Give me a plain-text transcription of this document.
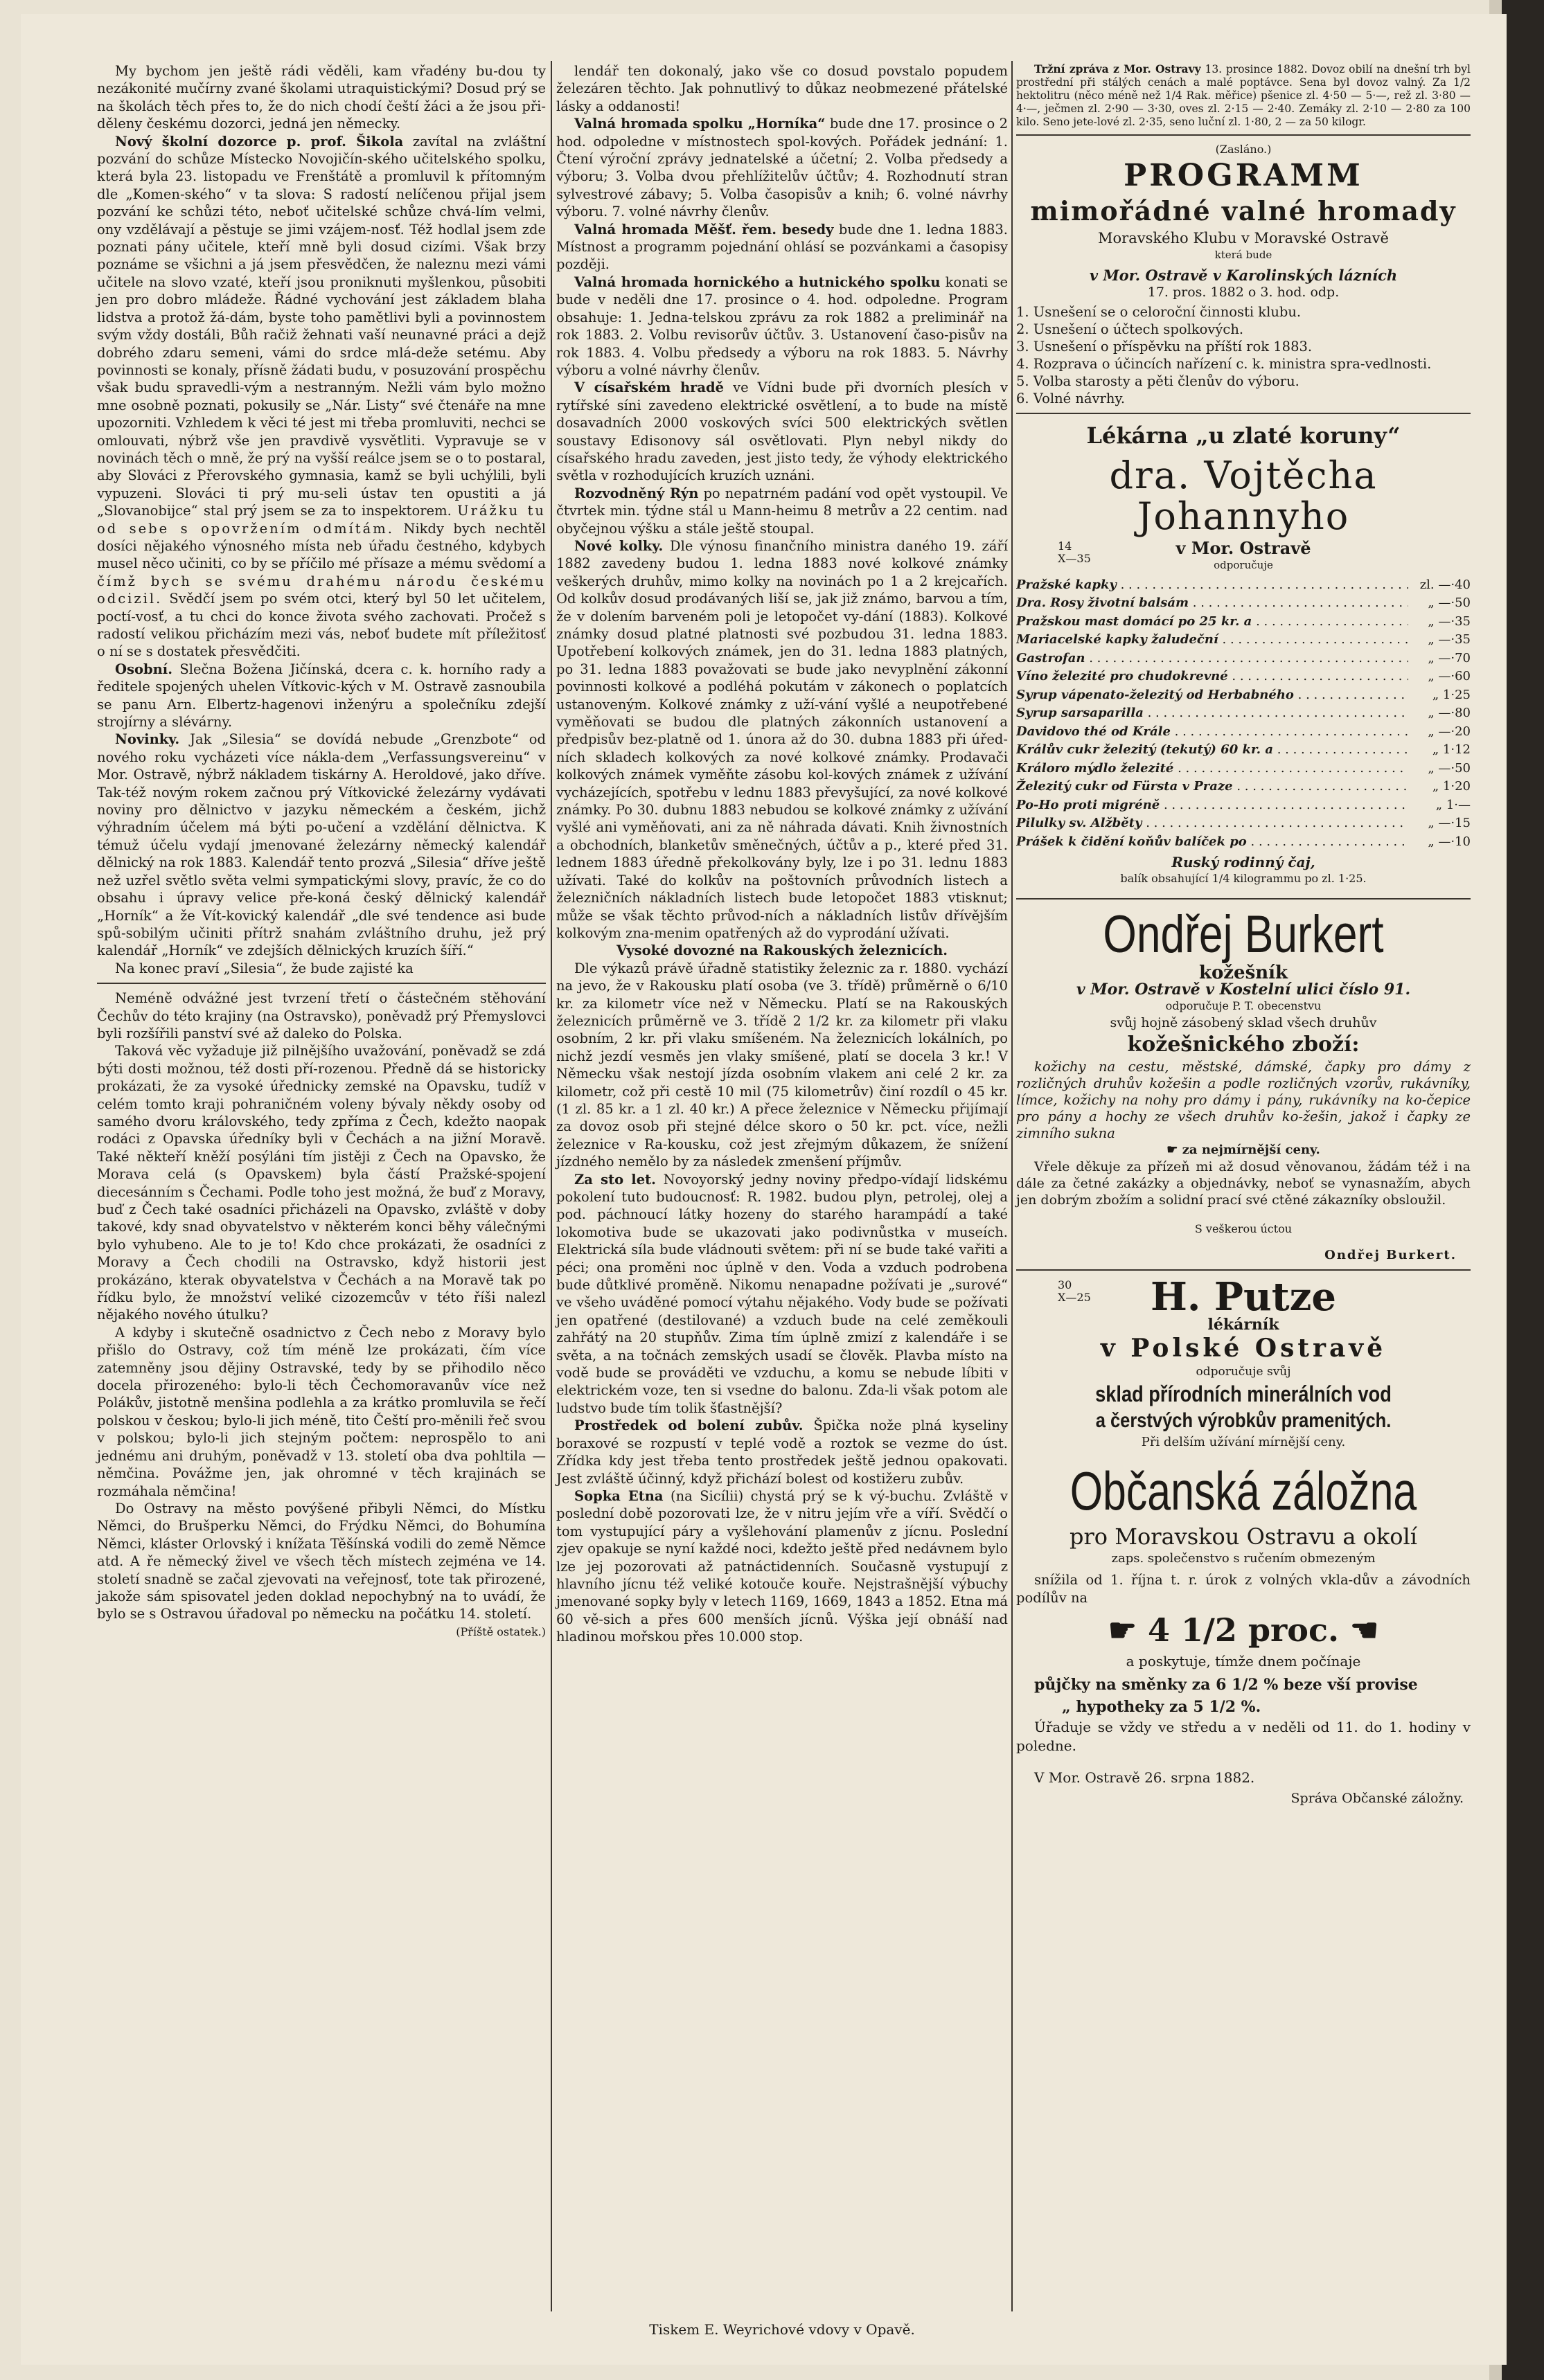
My bychom jen ještě rádi věděli, kam vřadény bu-dou ty nezákonité mučírny zvané školami utraquistickými? Dosud prý se na školách těch přes to, že do nich chodí čeští žáci a že jsou při-děleny českému dozorci, jedná jen německy.

Nový školní dozorce p. prof. Šikola zavítal na zvláštní pozvání do schůze Místecko Novojičín-ského učitelského spolku, která byla 23. listopadu ve Frenštátě a promluvil k přítomným dle „Komen-ského“ v ta slova: S radostí nelíčenou přijal jsem pozvání ke schůzi této, neboť učitelské schůze chvá-lím velmi, ony vzdělávají a pěstuje se jimi vzájem-nosť. Též hodlal jsem zde poznati pány učitele, kteří mně byli dosud cizími. Však brzy poznáme se všichni a já jsem přesvědčen, že naleznu mezi vámi učitele na slovo vzaté, kteří jsou proniknuti myšlenkou, působiti jen pro dobro mládeže. Řádné vychování jest základem blaha lidstva a protož žá-dám, byste toho pamětlivi byli a povinnostem svým vždy dostáli, Bůh račiž žehnati vaší neunavné práci a dejž dobrého zdaru semeni, vámi do srdce mlá-deže setému. Aby povinnosti se konaly, přísně žádati budu, v posuzování prospěchu však budu spravedli-vým a nestranným. Nežli vám bylo možno mne osobně poznati, pokusily se „Nár. Listy“ své čtenáře na mne upozorniti. Vzhledem k věci té jest mi třeba promluviti, nechci se omlouvati, nýbrž vše jen pravdivě vysvětliti. Vypravuje se v novinách těch o mně, že prý na vyšší reálce jsem se o to postaral, aby Slováci z Přerovského gymnasia, kamž se byli uchýlili, byli vypuzeni. Slováci ti prý mu-seli ústav ten opustiti a já „Slovanobijce“ stal prý jsem se za to inspektorem. Urážku tu od sebe s opovržením odmítám. Nikdy bych nechtěl dosíci nějakého výnosného místa neb úřadu čestného, kdybych musel něco učiniti, co by se příčilo mé přísaze a mému svědomí a čímž bych se svému drahému národu českému odcizil. Svědčí jsem po svém otci, který byl 50 let učitelem, poctí-vosť, a tu chci do konce života svého zachovati. Pročež s radostí velikou přicházím mezi vás, neboť budete mít příležitosť o ní se s dostatek přesvědčiti.

Osobní. Slečna Božena Jičínská, dcera c. k. horního rady a ředitele spojených uhelen Vítkovic-kých v M. Ostravě zasnoubila se panu Arn. Elbertz-hagenovi inženýru a společníku zdejší strojírny a slévárny.

Novinky. Jak „Silesia“ se dovídá nebude „Grenzbote“ od nového roku vycházeti více nákla-dem „Verfassungsvereinu“ v Mor. Ostravě, nýbrž nákladem tiskárny A. Heroldové, jako dříve. Tak-též novým rokem začnou prý Vítkovické železárny vydávati noviny pro dělnictvo v jazyku německém a českém, jichž výhradním účelem má býti po-učení a vzdělání dělnictva. K témuž účelu vydají jmenované železárny německý kalendář dělnický na rok 1883. Kalendář tento prozvá „Silesia“ dříve ještě než uzřel světlo světa velmi sympatickými slovy, pravíc, že co do obsahu i úpravy velice pře-koná český dělnický kalendář „Horník“ a že Vít-kovický kalendář „dle své tendence asi bude spů-sobilým učiniti přítrž snahám zvláštního druhu, jež prý kalendář „Horník“ ve zdejších dělnických kruzích šíří.“

Na konec praví „Silesia“, že bude zajisté ka

Neméně odvážné jest tvrzení třetí o částečném stěhování Čechův do této krajiny (na Ostravsko), poněvadž prý Přemyslovci byli rozšířili panství své až daleko do Polska.

Taková věc vyžaduje již pilnějšího uvažování, poněvadž se zdá býti dosti možnou, též dosti pří-rozenou. Předně dá se historicky prokázati, že za vysoké úřednicky zemské na Opavsku, tudíž v celém tomto kraji pohraničném voleny bývaly někdy osoby od samého dvoru královského, tedy zpříma z Čech, kdežto naopak rodáci z Opavska úředníky byli v Čechách a na jižní Moravě. Také někteří kněží posýláni tím jistěji z Čech na Opavsko, že Morava celá (s Opavskem) byla částí Pražské-spojení diecesánním s Čechami. Podle toho jest možná, že buď z Moravy, buď z Čech také osadníci přicházeli na Opavsko, zvláště v doby takové, kdy snad obyvatelstvo v některém konci běhy válečnými bylo vyhubeno. Ale to je to! Kdo chce prokázati, že osadníci z Moravy a Čech chodili na Ostravsko, když historii jest prokázáno, kterak obyvatelstva v Čechách a na Moravě tak po řídku bylo, že množství veliké cizozemcův v této říši nalezl nějakého nového útulku?

A kdyby i skutečně osadnictvo z Čech nebo z Moravy bylo přišlo do Ostravy, což tím méně lze prokázati, čím více zatemněny jsou dějiny Ostravské, tedy by se přihodilo něco docela přirozeného: bylo-li těch Čechomoravanův více než Polákův, jistotně menšina podlehla a za krátko promluvila se řečí polskou v českou; bylo-li jich méně, tito Čeští pro-měnili řeč svou v polskou; bylo-li jich stejným počtem: neprospělo to ani jednému ani druhým, poněvadž v 13. století oba dva pohltila — němčina. Povážme jen, jak ohromné v těch krajinách se rozmáhala němčina!

Do Ostravy na město povýšené přibyli Němci, do Místku Němci, do Brušperku Němci, do Frýdku Němci, do Bohumína Němci, kláster Orlovský i knížata Těšínská vodili do země Němce atd. A ře německý živel ve všech těch místech zejména ve 14. století snadně se začal zjevovati na veřejnosť, tote tak přirozené, jakože sám spisovatel jeden doklad nepochybný na to uvádí, že bylo se s Ostravou úřadoval po německu na počátku 14. století.

(Příště ostatek.)

lendář ten dokonalý, jako vše co dosud povstalo popudem železáren těchto. Jak pohnutlivý to důkaz neobmezené přátelské lásky a oddanosti!

Valná hromada spolku „Horníka“ bude dne 17. prosince o 2 hod. odpoledne v místnostech spol-kových. Pořádek jednání: 1. Čtení výroční zprávy jednatelské a účetní; 2. Volba předsedy a výboru; 3. Volba dvou přehlížitelův účtův; 4. Rozhodnutí stran sylvestrové zábavy; 5. Volba časopisův a knih; 6. volné návrhy výboru. 7. volné návrhy členův.

Valná hromada Měšť. řem. besedy bude dne 1. ledna 1883. Místnost a programm pojednání ohlásí se pozvánkami a časopisy později.

Valná hromada hornického a hutnického spolku konati se bude v neděli dne 17. prosince o 4. hod. odpoledne. Program obsahuje: 1. Jedna-telskou zprávu za rok 1882 a preliminář na rok 1883. 2. Volbu revisorův účtův. 3. Ustanovení časo-pisův na rok 1883. 4. Volbu předsedy a výboru na rok 1883. 5. Návrhy výboru a volné návrhy členův.

V císařském hradě ve Vídni bude při dvorních plesích v rytířské síni zavedeno elektrické osvětlení, a to bude na místě dosavadních 2000 voskových svíci 500 elektrických světlen soustavy Edisonovy sál osvětlovati. Plyn nebyl nikdy do císařského hradu zaveden, jest jisto tedy, že výhody elektrického světla v rozhodujících kruzích uznáni.

Rozvodněný Rýn po nepatrném padání vod opět vystoupil. Ve čtvrtek min. týdne stál u Mann-heimu 8 metrův a 22 centim. nad obyčejnou výšku a stále ještě stoupal.

Nové kolky. Dle výnosu finančního ministra daného 19. září 1882 zavedeny budou 1. ledna 1883 nové kolkové známky veškerých druhův, mimo kolky na novinách po 1 a 2 krejcařích. Od kolkův dosud prodávaných liší se, jak již známo, barvou a tím, že v dolením barveném poli je letopočet vy-dání (1883). Kolkové známky dosud platné platnosti své pozbudou 31. ledna 1883. Upotřebení kolkových známek, jen do 31. ledna 1883 platných, po 31. ledna 1883 považovati se bude jako nevyplnění zákonní povinnosti kolkové a podléhá pokutám v zákonech o poplatcích ustanoveným. Kolkové známky z uží-vání vyšlé a neupotřebené vyměňovati se budou dle platných zákonních ustanovení a předpisův bez-platně od 1. února až do 30. dubna 1883 při úřed-ních skladech kolkových za nové kolkové známky. Prodavači kolkových známek vyměňte zásobu kol-kových známek z užívání vycházejících, spotřebu v lednu 1883 převyšující, za nové kolkové známky. Po 30. dubnu 1883 nebudou se kolkové známky z užívání vyšlé ani vyměňovati, ani za ně náhrada dávati. Knih živnostních a obchodních, blanketův směnečných, účtův a p., které před 31. lednem 1883 úředně překolkovány byly, lze i po 31. lednu 1883 užívati. Také do kolkův na poštovních průvodních listech a železničních nákladních listech bude letopočet 1883 vtisknut; může se však těchto průvod-ních a nákladních listův dřívějším kolkovým zna-menim opatřených až do vyprodání užívati.

Vysoké dovozné na Rakouských železnicích.

Dle výkazů právě úřadně statistiky železnic za r. 1880. vychází na jevo, že v Rakousku platí osoba (ve 3. třídě) průměrně o 6/10 kr. za kilometr více než v Německu. Platí se na Rakouských železnicích průměrně ve 3. třídě 2 1/2 kr. za kilometr při vlaku osobním, 2 kr. při vlaku smíšeném. Na železnicích lokálních, po nichž jezdí vesměs jen vlaky smíšené, platí se docela 3 kr.! V Německu však nestojí jízda osobním vlakem ani celé 2 kr. za kilometr, což při cestě 10 mil (75 kilometrův) činí rozdíl o 45 kr. (1 zl. 85 kr. a 1 zl. 40 kr.) A přece železnice v Německu přijímají za dovoz osob při stejné délce skoro o 50 kr. pct. více, nežli železnice v Ra-kousku, což jest zřejmým důkazem, že snížení jízdného nemělo by za následek zmenšení příjmův.

Za sto let. Novoyorský jedny noviny předpo-vídají lidskému pokolení tuto budoucnosť: R. 1982. budou plyn, petrolej, olej a pod. páchnoucí látky hozeny do starého harampádí a také lokomotiva bude se ukazovati jako podivnůstka v museích. Elektrická síla bude vládnouti světem: při ní se bude také vařiti a péci; ona proměni noc úplně v den. Voda a vzduch podrobena bude důtklivé proměně. Nikomu nenapadne požívati je „surové“ ve všeho uváděné pomocí výtahu nějakého. Vody bude se požívati jen opatřené (destilované) a vzduch bude na celé zeměkouli zahřátý na 20 stupňův. Zima tím úplně zmizí z kalendáře i se světa, a na točnách zemských usadí se člověk. Plavba místo na vodě bude se prováděti ve vzduchu, a komu se nebude líbiti v elektrickém voze, ten si vsedne do balonu. Zda-li však potom ale ludstvo bude tím tolik šťastnější?

Prostředek od bolení zubův. Špička nože plná kyseliny boraxové se rozpustí v teplé vodě a roztok se vezme do úst. Zřídka kdy jest třeba tento prostředek ještě jednou opakovati. Jest zvláště účinný, když přichází bolest od kostižeru zubův.

Sopka Etna (na Sicílii) chystá prý se k vý-buchu. Zvláště v poslední době pozorovati lze, že v nitru jejím vře a víří. Svědčí o tom vystupující páry a vyšlehování plamenův z jícnu. Poslední zjev opakuje se nyní každé noci, kdežto ještě před nedávnem bylo lze jej pozorovati až patnáctidenních. Současně vystupují z hlavního jícnu též veliké kotouče kouře. Nejstrašnější výbuchy jmenované sopky byly v letech 1169, 1669, 1843 a 1852. Etna má 60 vě-sich a přes 600 menších jícnů. Výška její obnáší nad hladinou mořskou přes 10.000 stop.

Tržní zpráva z Mor. Ostravy 13. prosince 1882. Dovoz obilí na dnešní trh byl prostřední při stálých cenách a malé poptávce. Sena byl dovoz valný. Za 1/2 hektolitru (něco méně než 1/4 Rak. měřice) pšenice zl. 4·50 — 5·—, rež zl. 3·80 — 4·—, ječmen zl. 2·90 — 3·30, oves zl. 2·15 — 2·40. Zemáky zl. 2·10 — 2·80 za 100 kilo. Seno jete-lové zl. 2·35, seno luční zl. 1·80, 2 — za 50 kilogr.

(Zasláno.)

PROGRAMM
mimořádné valné hromady

Moravského Klubu v Moravské Ostravě

která bude

v Mor. Ostravě v Karolinských lázních

17. pros. 1882 o 3. hod. odp.

1. Usnešení se o celoroční činnosti klubu.
2. Usnešení o účtech spolkových.
3. Usnešení o příspěvku na příští rok 1883.
4. Rozprava o účincích nařízení c. k. ministra spra-vedlnosti.
5. Volba starosty a pěti členův do výboru.
6. Volné návrhy.
Lékárna „u zlaté koruny“
dra. Vojtěcha Johannyho
14
X—35
v Mor. Ostravě
odporučuje
Pražské kapky . . .	zl. —·40
Dra. Rosy životní balsám . . .	„ —·50
Pražskou mast domácí po 25 kr. a . . .	„ —·35
Mariacelské kapky žaludeční . . .	„ —·35
Gastrofan . . .	„ —·70
Víno železité pro chudokrevné . . .	„ —·60
Syrup vápenato-železitý od Herbabného . . .	„ 1·25
Syrup sarsaparilla . . .	„ —·80
Davidovo thé od Krále . . .	„ —·20
Králův cukr železitý (tekutý) 60 kr. a . . .	„ 1·12
Králoro mýdlo železité . . .	„ —·50
Železitý cukr od Fürsta v Praze . . .	„ 1·20
Po-Ho proti migréně . . .	„ 1·—
Pilulky sv. Alžběty . . .	„ —·15
Prášek k čidění koňův balíček po . . .	„ —·10

Ruský rodinný čaj,

balík obsahující 1/4 kilogrammu po zl. 1·25.

Ondřej Burkert

kožešník

v Mor. Ostravě v Kostelní ulici číslo 91.

odporučuje P. T. obecenstvu

svůj hojně zásobený sklad všech druhův

kožešnického zboží:

kožichy na cestu, městské, dámské, čapky pro dámy z rozličných druhův kožešin a podle rozličných vzorův, rukávníky, límce, kožichy na nohy pro dámy i pány, rukávníky na ko-čepice pro pány a hochy ze všech druhův ko-žešin, jakož i čapky ze zimního sukna

☛ za nejmírnější ceny.

Vřele děkuje za přízeň mi až dosud věnovanou, žádám též i na dále za četné zakázky a objednávky, neboť se vynasnažím, abych jen dobrým zbožím a solidní prací své ctěné zákazníky obsloužil.

S veškerou úctou

Ondřej Burkert.

30
X—25	H. Putze

lékárník

v Polské Ostravě

odporučuje svůj

sklad přírodních minerálních vod

a čerstvých výrobkův pramenitých.

Při delším užívání mírnější ceny.

Občanská záložna

pro Moravskou Ostravu a okolí

zaps. společenstvo s ručením obmezeným

snížila od 1. října t. r. úrok z volných vkla-dův a závodních podílův na

☛ 4 1/2 proc. ☚

a poskytuje, tímže dnem počínaje

půjčky na směnky za 6 1/2 % beze vší provise

„ hypotheky za 5 1/2 %.

Úřaduje se vždy ve středu a v neděli od 11. do 1. hodiny v poledne.

V Mor. Ostravě 26. srpna 1882.

Správa Občanské záložny.

Tiskem E. Weyrichové vdovy v Opavě.
